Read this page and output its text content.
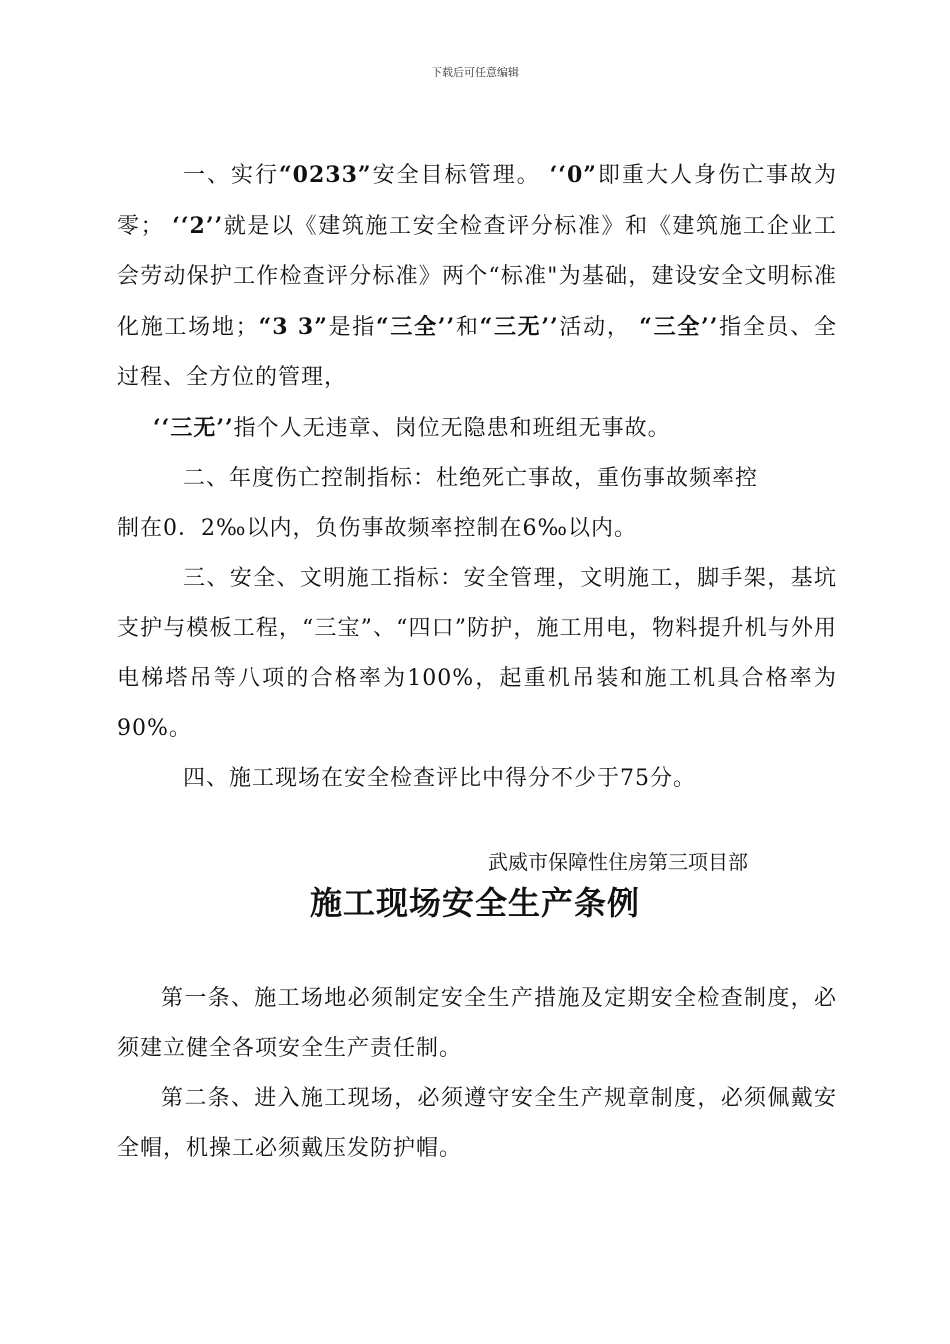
下载后可任意编辑

一、实行“0233”安全目标管理。 ‘‘0”即重大人身伤亡事故为零； ‘‘2’’就是以《建筑施工安全检查评分标准》和《建筑施工企业工会劳动保护工作检查评分标准》两个“标准"为基础，建设安全文明标准化施工场地；“3 3”是指“三全’’和“三无’’活动， “三全’’指全员、全过程、全方位的管理，
‘‘三无’’指个人无违章、岗位无隐患和班组无事故。

二、年度伤亡控制指标：杜绝死亡事故，重伤事故频率控
制在0．2‰以内，负伤事故频率控制在6‰以内。

三、安全、文明施工指标：安全管理，文明施工，脚手架，基坑支护与模板工程，“三宝”、“四口”防护，施工用电，物料提升机与外用电梯塔吊等八项的合格率为100%，起重机吊装和施工机具合格率为90%。

四、施工现场在安全检查评比中得分不少于75分。

武威市保障性住房第三项目部
施工现场安全生产条例

第一条、施工场地必须制定安全生产措施及定期安全检查制度，必须建立健全各项安全生产责任制。

第二条、进入施工现场，必须遵守安全生产规章制度，必须佩戴安全帽，机操工必须戴压发防护帽。
